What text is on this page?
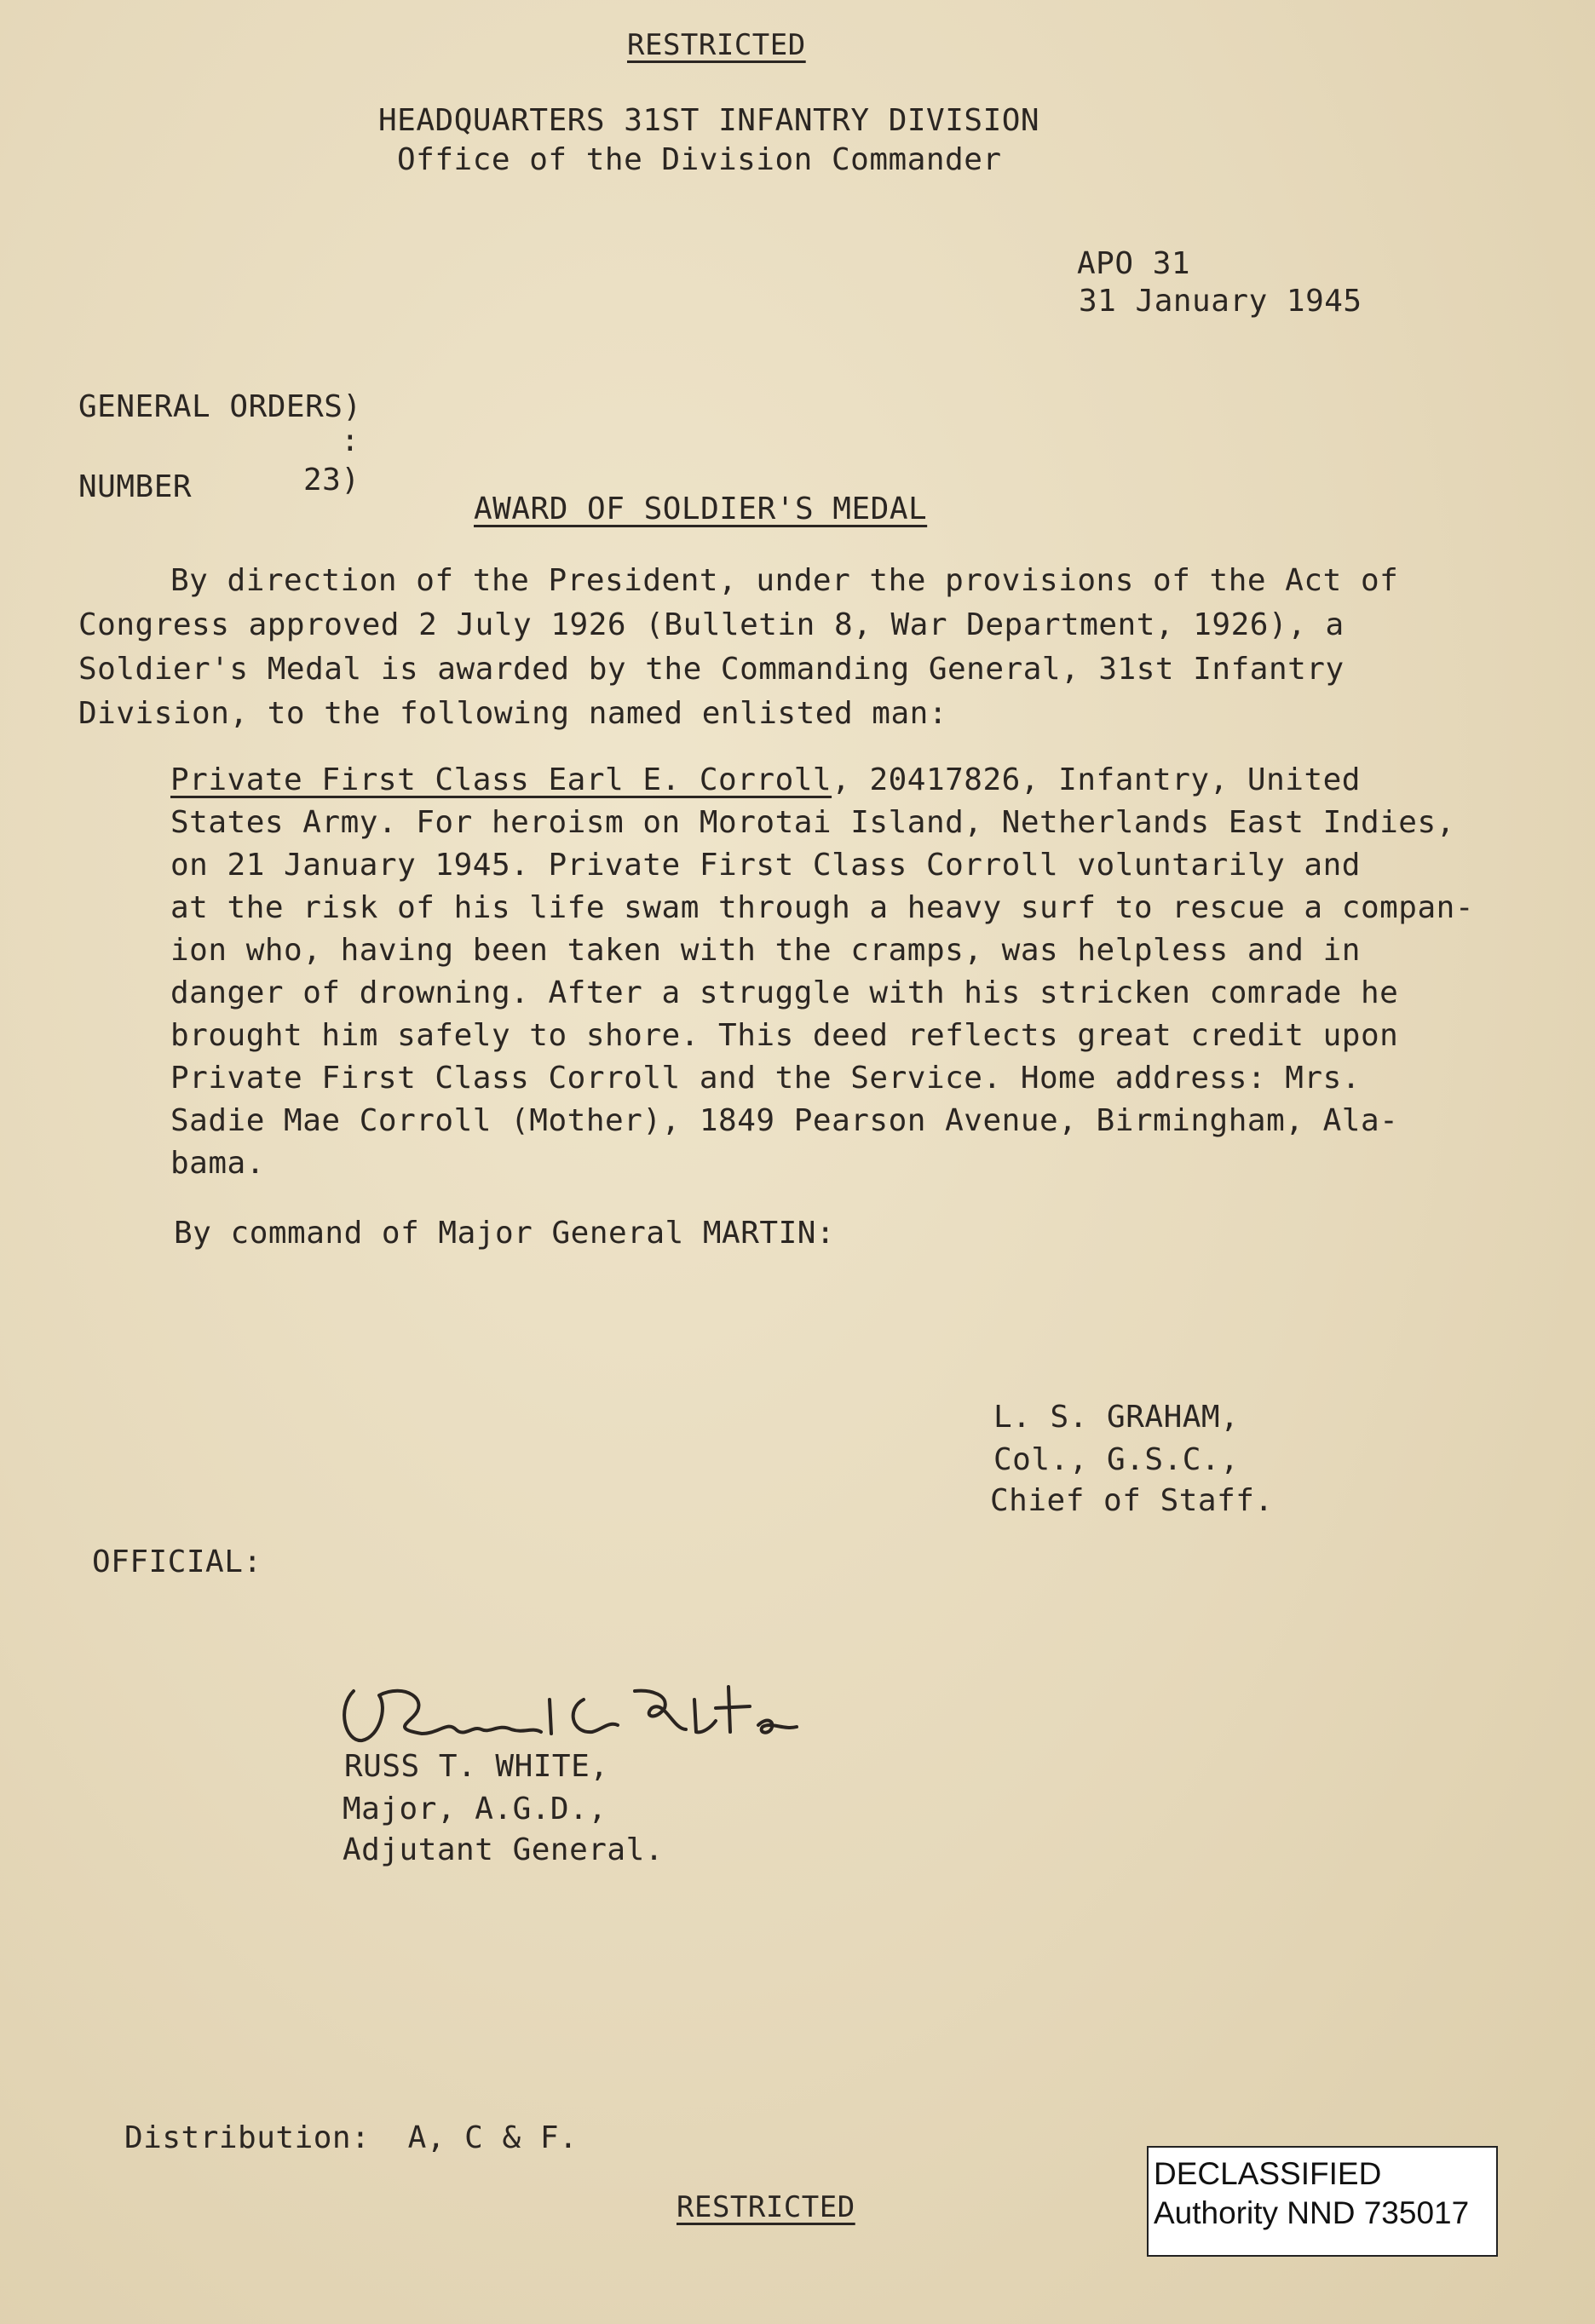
RESTRICTED
HEADQUARTERS 31ST INFANTRY DIVISION
Office of the Division Commander
APO 31
31 January 1945
GENERAL ORDERS)
:
NUMBER	23)
AWARD OF SOLDIER'S MEDAL
By direction of the President, under the provisions of the Act of
Congress approved 2 July 1926 (Bulletin 8, War Department, 1926), a
Soldier's Medal is awarded by the Commanding General, 31st Infantry
Division, to the following named enlisted man:
Private First Class Earl E. Corroll, 20417826, Infantry, United
States Army. For heroism on Morotai Island, Netherlands East Indies,
on 21 January 1945. Private First Class Corroll voluntarily and
at the risk of his life swam through a heavy surf to rescue a compan-
ion who, having been taken with the cramps, was helpless and in
danger of drowning. After a struggle with his stricken comrade he
brought him safely to shore. This deed reflects great credit upon
Private First Class Corroll and the Service. Home address: Mrs.
Sadie Mae Corroll (Mother), 1849 Pearson Avenue, Birmingham, Ala-
bama.
By command of Major General MARTIN:
L. S. GRAHAM,
Col., G.S.C.,
Chief of Staff.
OFFICIAL:
RUSS T. WHITE,
Major, A.G.D.,
Adjutant General.
Distribution:  A, C & F.
RESTRICTED
DECLASSIFIED
Authority NND 735017
